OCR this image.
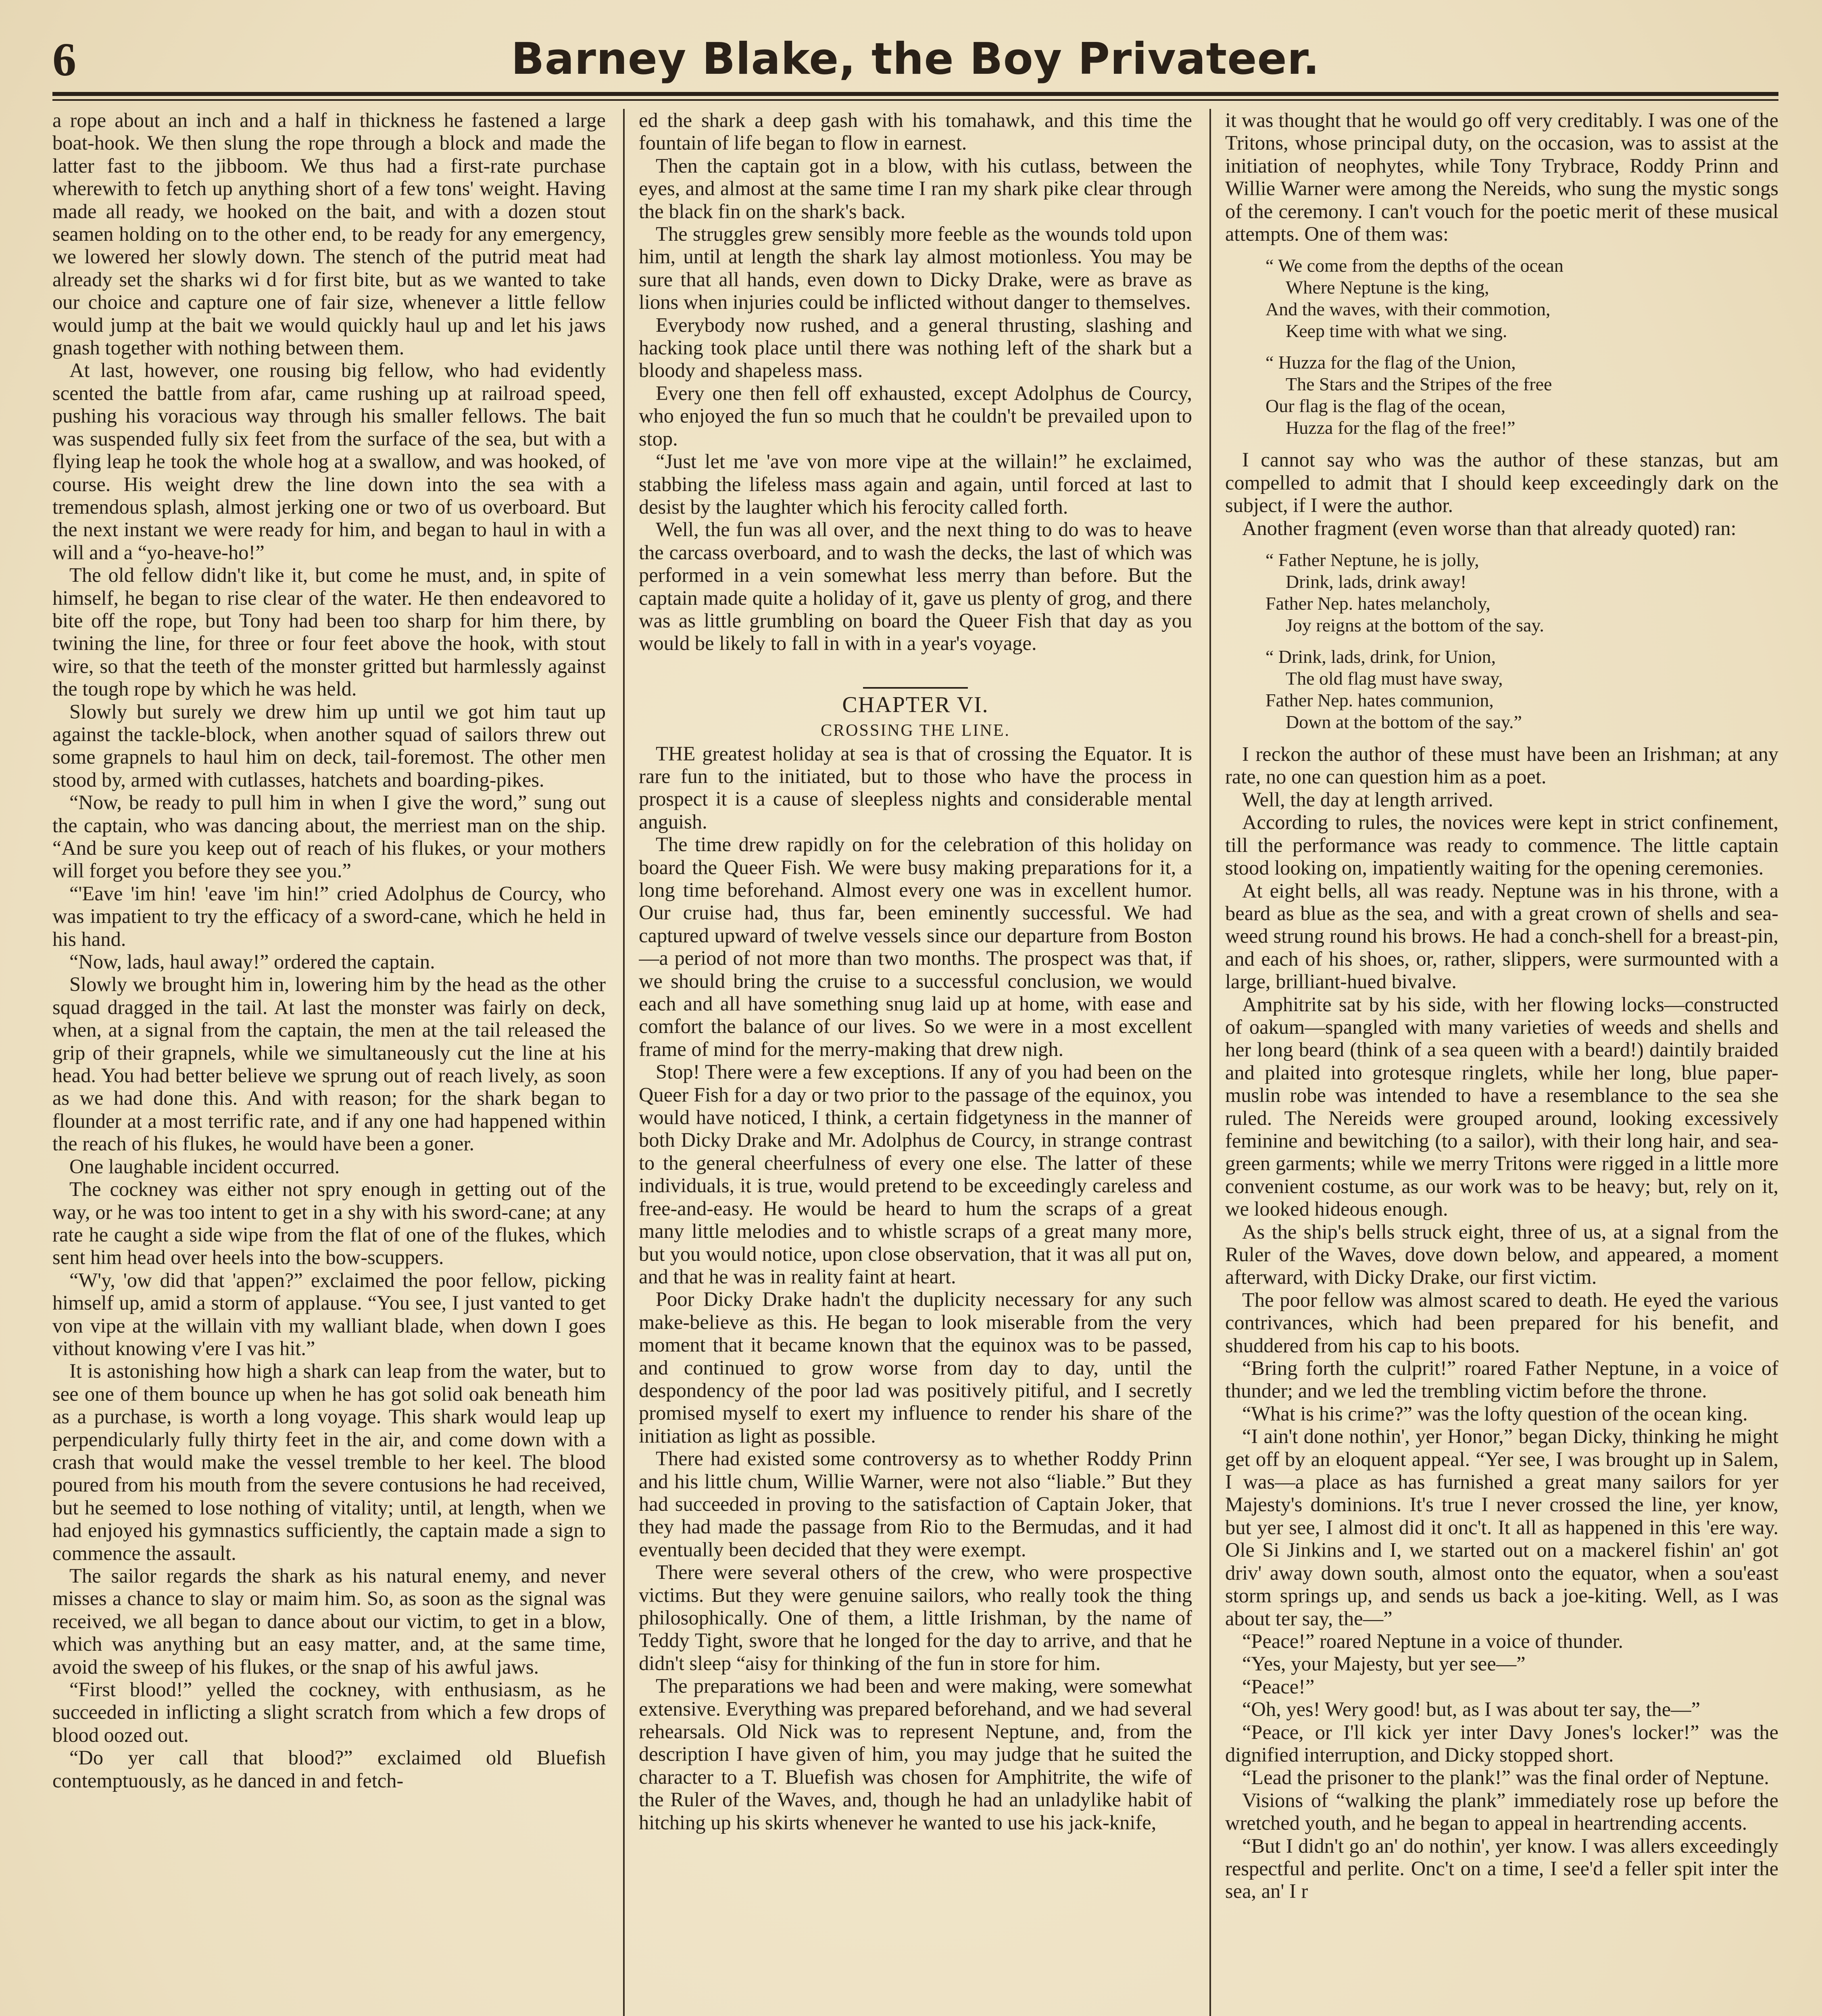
6	Barney Blake, the Boy Privateer.

a rope about an inch and a half in thickness he fastened a large boat-hook. We then slung the rope through a block and made the latter fast to the jibboom. We thus had a first-rate purchase wherewith to fetch up anything short of a few tons' weight. Having made all ready, we hooked on the bait, and with a dozen stout seamen holding on to the other end, to be ready for any emergency, we lowered her slowly down. The stench of the putrid meat had already set the sharks wi d for first bite, but as we wanted to take our choice and capture one of fair size, whenever a little fellow would jump at the bait we would quickly haul up and let his jaws gnash together with nothing between them.

At last, however, one rousing big fellow, who had evidently scented the battle from afar, came rushing up at railroad speed, pushing his voracious way through his smaller fellows. The bait was suspended fully six feet from the surface of the sea, but with a flying leap he took the whole hog at a swallow, and was hooked, of course. His weight drew the line down into the sea with a tremendous splash, almost jerking one or two of us overboard. But the next instant we were ready for him, and began to haul in with a will and a “yo-heave-ho!”

The old fellow didn't like it, but come he must, and, in spite of himself, he began to rise clear of the water. He then endeavored to bite off the rope, but Tony had been too sharp for him there, by twining the line, for three or four feet above the hook, with stout wire, so that the teeth of the monster gritted but harmlessly against the tough rope by which he was held.

Slowly but surely we drew him up until we got him taut up against the tackle-block, when another squad of sailors threw out some grapnels to haul him on deck, tail-foremost. The other men stood by, armed with cutlasses, hatchets and boarding-pikes.

“Now, be ready to pull him in when I give the word,” sung out the captain, who was dancing about, the merriest man on the ship. “And be sure you keep out of reach of his flukes, or your mothers will forget you before they see you.”

“'Eave 'im hin! 'eave 'im hin!” cried Adolphus de Courcy, who was impatient to try the efficacy of a sword-cane, which he held in his hand.

“Now, lads, haul away!” ordered the captain.

Slowly we brought him in, lowering him by the head as the other squad dragged in the tail. At last the monster was fairly on deck, when, at a signal from the captain, the men at the tail released the grip of their grapnels, while we simultaneously cut the line at his head. You had better believe we sprung out of reach lively, as soon as we had done this. And with reason; for the shark began to flounder at a most terrific rate, and if any one had happened within the reach of his flukes, he would have been a goner.

One laughable incident occurred.

The cockney was either not spry enough in getting out of the way, or he was too intent to get in a shy with his sword-cane; at any rate he caught a side wipe from the flat of one of the flukes, which sent him head over heels into the bow-scuppers.

“W'y, 'ow did that 'appen?” exclaimed the poor fellow, picking himself up, amid a storm of applause. “You see, I just vanted to get von vipe at the willain vith my walliant blade, when down I goes vithout knowing v'ere I vas hit.”

It is astonishing how high a shark can leap from the water, but to see one of them bounce up when he has got solid oak beneath him as a purchase, is worth a long voyage. This shark would leap up perpendicularly fully thirty feet in the air, and come down with a crash that would make the vessel tremble to her keel. The blood poured from his mouth from the severe contusions he had received, but he seemed to lose nothing of vitality; until, at length, when we had enjoyed his gymnastics sufficiently, the captain made a sign to commence the assault.

The sailor regards the shark as his natural enemy, and never misses a chance to slay or maim him. So, as soon as the signal was received, we all began to dance about our victim, to get in a blow, which was anything but an easy matter, and, at the same time, avoid the sweep of his flukes, or the snap of his awful jaws.

“First blood!” yelled the cockney, with enthusiasm, as he succeeded in inflicting a slight scratch from which a few drops of blood oozed out.

“Do yer call that blood?” exclaimed old Bluefish contemptuously, as he danced in and fetch-

ed the shark a deep gash with his tomahawk, and this time the fountain of life began to flow in earnest.

Then the captain got in a blow, with his cutlass, between the eyes, and almost at the same time I ran my shark pike clear through the black fin on the shark's back.

The struggles grew sensibly more feeble as the wounds told upon him, until at length the shark lay almost motionless. You may be sure that all hands, even down to Dicky Drake, were as brave as lions when injuries could be inflicted without danger to themselves.

Everybody now rushed, and a general thrusting, slashing and hacking took place until there was nothing left of the shark but a bloody and shapeless mass.

Every one then fell off exhausted, except Adolphus de Courcy, who enjoyed the fun so much that he couldn't be prevailed upon to stop.

“Just let me 'ave von more vipe at the willain!” he exclaimed, stabbing the lifeless mass again and again, until forced at last to desist by the laughter which his ferocity called forth.

Well, the fun was all over, and the next thing to do was to heave the carcass overboard, and to wash the decks, the last of which was performed in a vein somewhat less merry than before. But the captain made quite a holiday of it, gave us plenty of grog, and there was as little grumbling on board the Queer Fish that day as you would be likely to fall in with in a year's voyage.

CHAPTER VI.
CROSSING THE LINE.

THE greatest holiday at sea is that of crossing the Equator. It is rare fun to the initiated, but to those who have the process in prospect it is a cause of sleepless nights and considerable mental anguish.

The time drew rapidly on for the celebration of this holiday on board the Queer Fish. We were busy making preparations for it, a long time beforehand. Almost every one was in excellent humor. Our cruise had, thus far, been eminently successful. We had captured upward of twelve vessels since our departure from Boston—a period of not more than two months. The prospect was that, if we should bring the cruise to a successful conclusion, we would each and all have something snug laid up at home, with ease and comfort the balance of our lives. So we were in a most excellent frame of mind for the merry-making that drew nigh.

Stop! There were a few exceptions. If any of you had been on the Queer Fish for a day or two prior to the passage of the equinox, you would have noticed, I think, a certain fidgetyness in the manner of both Dicky Drake and Mr. Adolphus de Courcy, in strange contrast to the general cheerfulness of every one else. The latter of these individuals, it is true, would pretend to be exceedingly careless and free-and-easy. He would be heard to hum the scraps of a great many little melodies and to whistle scraps of a great many more, but you would notice, upon close observation, that it was all put on, and that he was in reality faint at heart.

Poor Dicky Drake hadn't the duplicity necessary for any such make-believe as this. He began to look miserable from the very moment that it became known that the equinox was to be passed, and continued to grow worse from day to day, until the despondency of the poor lad was positively pitiful, and I secretly promised myself to exert my influence to render his share of the initiation as light as possible.

There had existed some controversy as to whether Roddy Prinn and his little chum, Willie Warner, were not also “liable.” But they had succeeded in proving to the satisfaction of Captain Joker, that they had made the passage from Rio to the Bermudas, and it had eventually been decided that they were exempt.

There were several others of the crew, who were prospective victims. But they were genuine sailors, who really took the thing philosophically. One of them, a little Irishman, by the name of Teddy Tight, swore that he longed for the day to arrive, and that he didn't sleep “aisy for thinking of the fun in store for him.

The preparations we had been and were making, were somewhat extensive. Everything was prepared beforehand, and we had several rehearsals. Old Nick was to represent Neptune, and, from the description I have given of him, you may judge that he suited the character to a T. Bluefish was chosen for Amphitrite, the wife of the Ruler of the Waves, and, though he had an unladylike habit of hitching up his skirts whenever he wanted to use his jack-knife,

it was thought that he would go off very creditably. I was one of the Tritons, whose principal duty, on the occasion, was to assist at the initiation of neophytes, while Tony Trybrace, Roddy Prinn and Willie Warner were among the Nereids, who sung the mystic songs of the ceremony. I can't vouch for the poetic merit of these musical attempts. One of them was:

“ We come from the depths of the ocean
Where Neptune is the king,
And the waves, with their commotion,
Keep time with what we sing.
“ Huzza for the flag of the Union,
The Stars and the Stripes of the free
Our flag is the flag of the ocean,
Huzza for the flag of the free!”

I cannot say who was the author of these stanzas, but am compelled to admit that I should keep exceedingly dark on the subject, if I were the author.

Another fragment (even worse than that already quoted) ran:

“ Father Neptune, he is jolly,
Drink, lads, drink away!
Father Nep. hates melancholy,
Joy reigns at the bottom of the say.
“ Drink, lads, drink, for Union,
The old flag must have sway,
Father Nep. hates communion,
Down at the bottom of the say.”

I reckon the author of these must have been an Irishman; at any rate, no one can question him as a poet.

Well, the day at length arrived.

According to rules, the novices were kept in strict confinement, till the performance was ready to commence. The little captain stood looking on, impatiently waiting for the opening ceremonies.

At eight bells, all was ready. Neptune was in his throne, with a beard as blue as the sea, and with a great crown of shells and sea-weed strung round his brows. He had a conch-shell for a breast-pin, and each of his shoes, or, rather, slippers, were surmounted with a large, brilliant-hued bivalve.

Amphitrite sat by his side, with her flowing locks—constructed of oakum—spangled with many varieties of weeds and shells and her long beard (think of a sea queen with a beard!) daintily braided and plaited into grotesque ringlets, while her long, blue paper-muslin robe was intended to have a resemblance to the sea she ruled. The Nereids were grouped around, looking excessively feminine and bewitching (to a sailor), with their long hair, and sea-green garments; while we merry Tritons were rigged in a little more convenient costume, as our work was to be heavy; but, rely on it, we looked hideous enough.

As the ship's bells struck eight, three of us, at a signal from the Ruler of the Waves, dove down below, and appeared, a moment afterward, with Dicky Drake, our first victim.

The poor fellow was almost scared to death. He eyed the various contrivances, which had been prepared for his benefit, and shuddered from his cap to his boots.

“Bring forth the culprit!” roared Father Neptune, in a voice of thunder; and we led the trembling victim before the throne.

“What is his crime?” was the lofty question of the ocean king.

“I ain't done nothin', yer Honor,” began Dicky, thinking he might get off by an eloquent appeal. “Yer see, I was brought up in Salem, I was—a place as has furnished a great many sailors for yer Majesty's dominions. It's true I never crossed the line, yer know, but yer see, I almost did it onc't. It all as happened in this 'ere way. Ole Si Jinkins and I, we started out on a mackerel fishin' an' got driv' away down south, almost onto the equator, when a sou'east storm springs up, and sends us back a joe-kiting. Well, as I was about ter say, the—”

“Peace!” roared Neptune in a voice of thunder.

“Yes, your Majesty, but yer see—”

“Peace!”

“Oh, yes! Wery good! but, as I was about ter say, the—”

“Peace, or I'll kick yer inter Davy Jones's locker!” was the dignified interruption, and Dicky stopped short.

“Lead the prisoner to the plank!” was the final order of Neptune.

Visions of “walking the plank” immediately rose up before the wretched youth, and he began to appeal in heartrending accents.

“But I didn't go an' do nothin', yer know. I was allers exceedingly respectful and perlite. Onc't on a time, I see'd a feller spit inter the sea, an' I r
